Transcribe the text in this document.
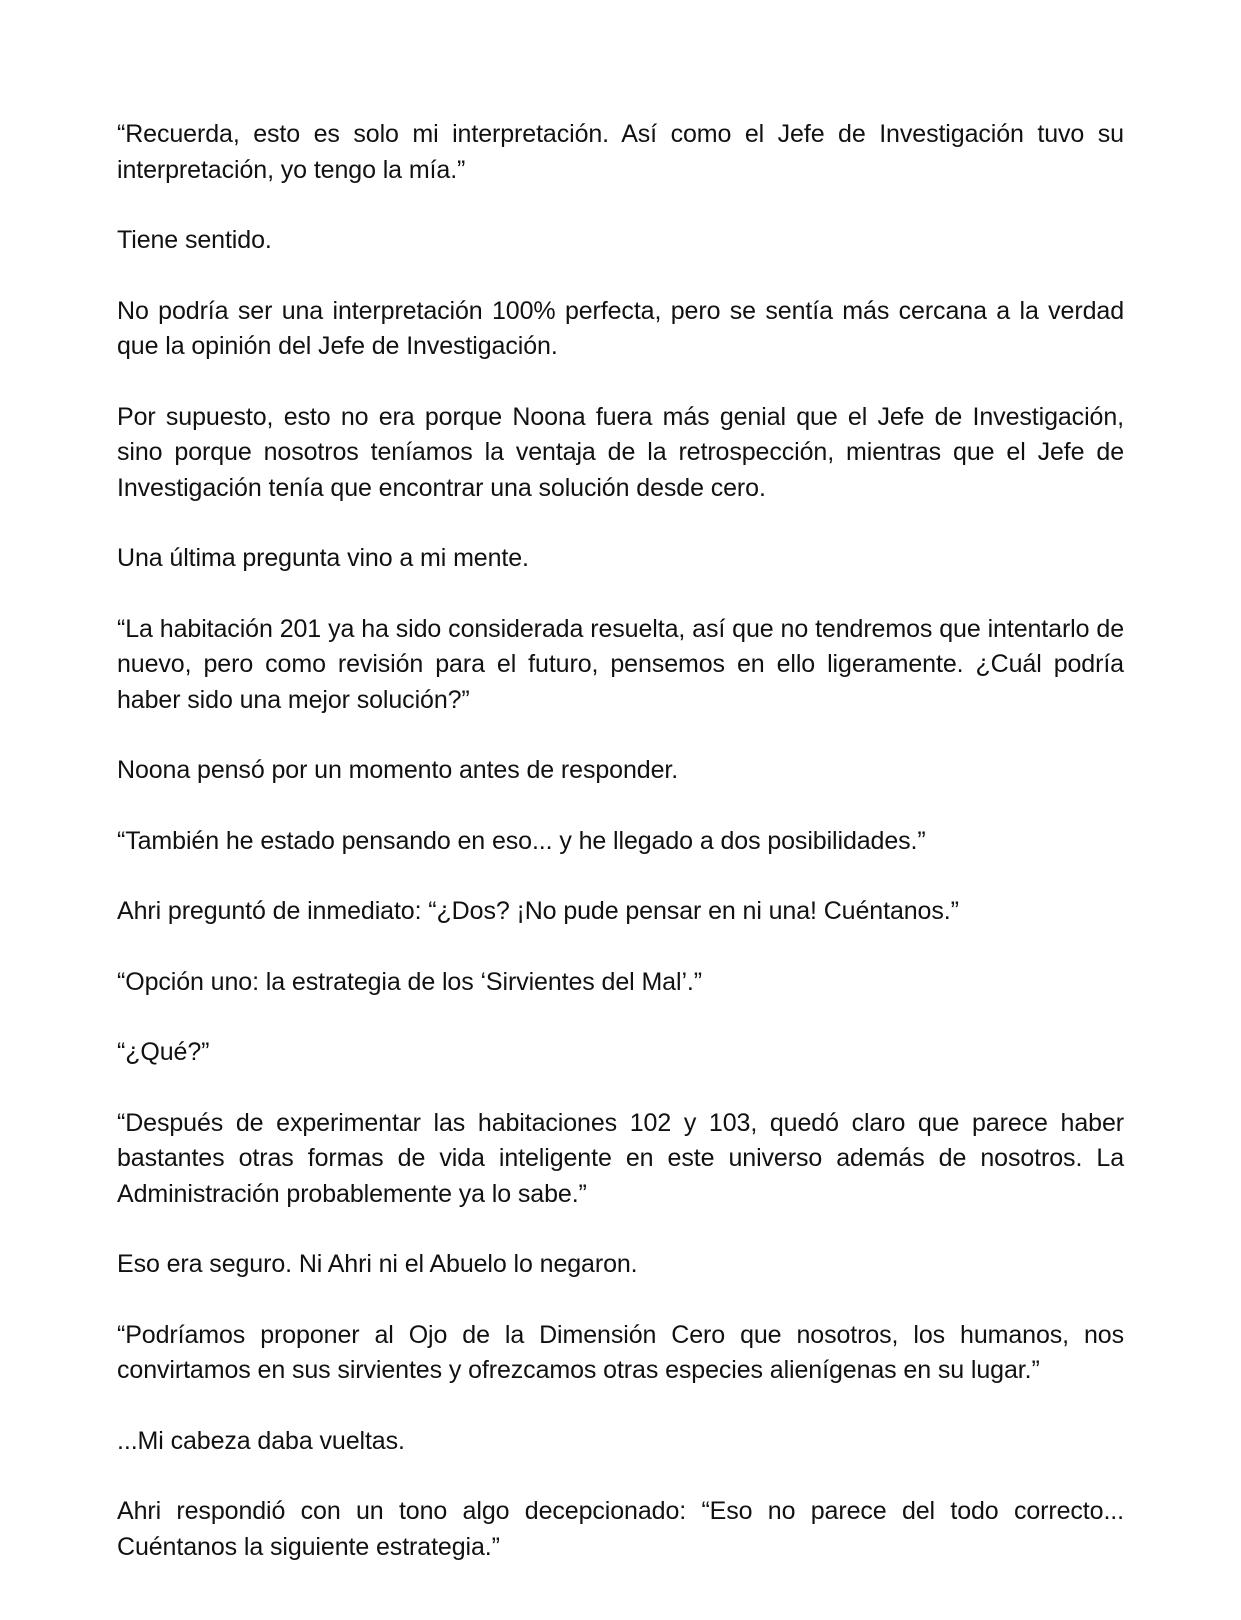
“Recuerda, esto es solo mi interpretación. Así como el Jefe de Investigación tuvo su interpretación, yo tengo la mía.”

Tiene sentido.

No podría ser una interpretación 100% perfecta, pero se sentía más cercana a la verdad que la opinión del Jefe de Investigación.

Por supuesto, esto no era porque Noona fuera más genial que el Jefe de Investigación, sino porque nosotros teníamos la ventaja de la retrospección, mientras que el Jefe de Investigación tenía que encontrar una solución desde cero.

Una última pregunta vino a mi mente.

“La habitación 201 ya ha sido considerada resuelta, así que no tendremos que intentarlo de nuevo, pero como revisión para el futuro, pensemos en ello ligeramente. ¿Cuál podría haber sido una mejor solución?”

Noona pensó por un momento antes de responder.

“También he estado pensando en eso... y he llegado a dos posibilidades.”

Ahri preguntó de inmediato: “¿Dos? ¡No pude pensar en ni una! Cuéntanos.”

“Opción uno: la estrategia de los ‘Sirvientes del Mal’.”

“¿Qué?”

“Después de experimentar las habitaciones 102 y 103, quedó claro que parece haber bastantes otras formas de vida inteligente en este universo además de nosotros. La Administración probablemente ya lo sabe.”

Eso era seguro. Ni Ahri ni el Abuelo lo negaron.

“Podríamos proponer al Ojo de la Dimensión Cero que nosotros, los humanos, nos convirtamos en sus sirvientes y ofrezcamos otras especies alienígenas en su lugar.”

...Mi cabeza daba vueltas.

Ahri respondió con un tono algo decepcionado: “Eso no parece del todo correcto... Cuéntanos la siguiente estrategia.”
